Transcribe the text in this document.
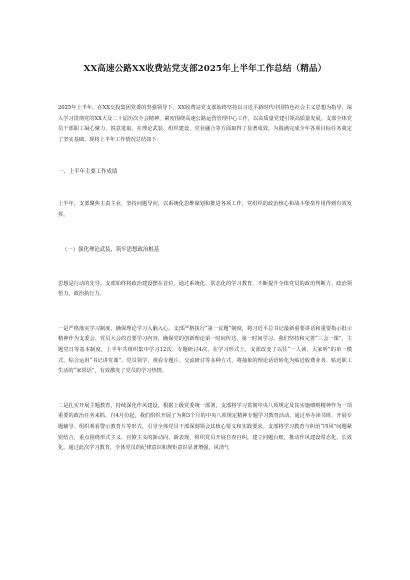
XX高速公路XX收费站党支部2025年上半年工作总结（精品）

2025年上半年，在XX交投集团党委的坚强领导下，XX收费站党支部始终坚持以习近平新时代中国特色社会主义思想为指导，深入学习贯彻党的XX大及二十届历次全会精神，紧密围绕高速公路运营管理中心工作，以高质量党建引领高质量发展。支部全体党员干部职工凝心聚力、锐意进取，在理论武装、组织建设、党业融合等方面取得了显著成效，为圆满完成全年各项目标任务奠定了坚实基础。现将上半年工作情况总结如下：

一、上半年主要工作成绩

上半年，支部聚焦主责主业，坚持问题导向，以系统化思维谋划和推进各项工作，党组织的政治核心和战斗堡垒作用得到有效发挥。

（一）强化理论武装，筑牢思想政治根基

思想是行动的先导。支部始终将政治建设摆在首位，通过系统化、常态化的学习教育，不断提升全体党员的政治判断力、政治领悟力、政治执行力。

一是严格落实学习制度，确保理论学习入脑入心。支部严格执行“第一议题”制度，将习近平总书记最新重要讲话和重要指示批示精神作为支委会、党员大会的首要学习内容，确保党的创新理论第一时间传达、第一时间学习。我们坚持和完善“三会一课”、主题党日等基本制度。上半年共组织集中学习12次、专题研讨4次、在学习形式上，支部改变了以往“一人读、大家听”的单一模式，综合运用“书记讲党课”、党员领学、观看专题片、交流研讨等多种方式，将抽象的理论话语转化为贴近收费业务、贴近职工生活的“家常话”，有效激发了党员的学习热情。

二是扎实开展主题教育，持续深化作风建设。根据上级党委统一部署，支部将学习贯彻中央八项规定及其实施细则精神作为一项重要的政治任务来抓，自4月份起，我们组织开展了为期3个月的中央八项规定精神专题学习教育活动。通过举办读书班、开展专题辅导、组织观看警示教育片等形式，引导全体党员干部深刻领会其核心要义和实践要求。支部将学习教育与纠治“四风”问题紧密结合，重点围绕形式主义、官僚主义的新动向、新表现，组织党员开展自查自纠，建立问题台账，推动作风建设常态化、长效化。通过此次学习教育，全体党员的纪律意识和规矩意识显著增强，风清气
